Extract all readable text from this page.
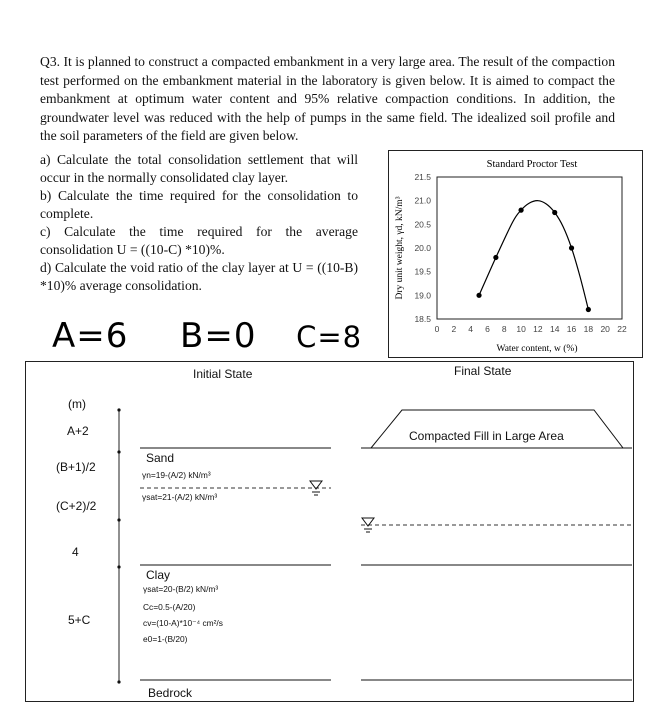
Q3. It is planned to construct a compacted embankment in a very large area. The result of the compaction test performed on the embankment material in the laboratory is given below. It is aimed to compact the embankment at optimum water content and 95% relative compaction conditions. In addition, the groundwater level was reduced with the help of pumps in the same field. The idealized soil profile and the soil parameters of the field are given below.

a) Calculate the total consolidation settlement that will occur in the normally consolidated clay layer.

b) Calculate the time required for the consolidation to complete.

c) Calculate the time required for the average consolidation U = ((10-C) *10)%.

d) Calculate the void ratio of the clay layer at U = ((10-B) *10)% average consolidation.

A=6 B=0 C=8
Standard Proctor Test
18.5
19.0
19.5
20.0
20.5
21.0
21.5
0 2 4 6 8 10 12 14 16 18 20 22
Water content, w (%)
Dry unit weight, γd, kN/m³
Initial State	Final State
(m)
A+2
(B+1)/2
(C+2)/2
4
5+C
Compacted Fill in Large Area
Sand
γn=19-(A/2) kN/m³
γsat=21-(A/2) kN/m³
Clay
γsat=20-(B/2) kN/m³
Cc=0.5-(A/20)
cv=(10-A)*10⁻⁴ cm²/s
e0=1-(B/20)
Bedrock
